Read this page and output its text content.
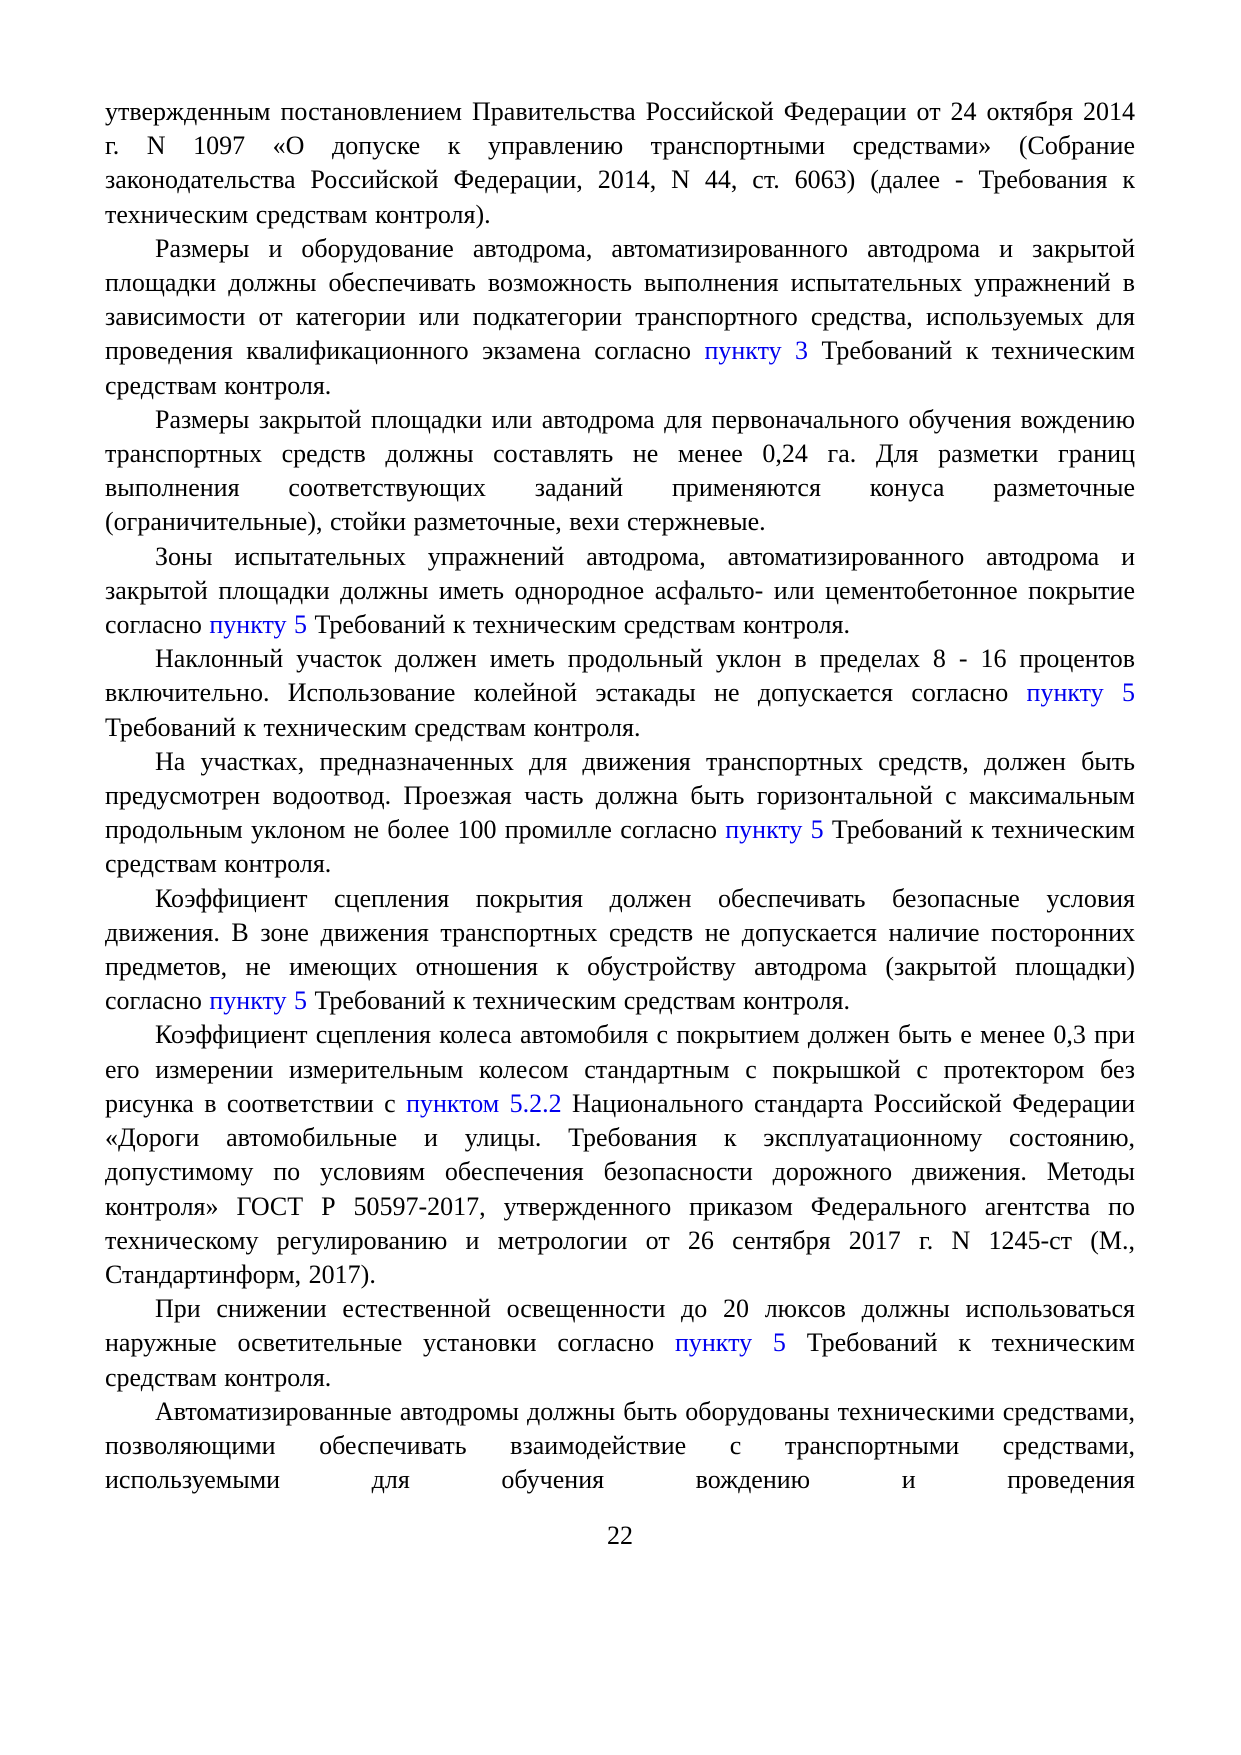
утвержденным постановлением Правительства Российской Федерации от 24 октября 2014 г. N 1097 «О допуске к управлению транспортными средствами» (Собрание законодательства Российской Федерации, 2014, N 44, ст. 6063) (далее - Требования к техническим средствам контроля).

Размеры и оборудование автодрома, автоматизированного автодрома и закрытой площадки должны обеспечивать возможность выполнения испытательных упражнений в зависимости от категории или подкатегории транспортного средства, используемых для проведения квалификационного экзамена согласно пункту 3 Требований к техническим средствам контроля.

Размеры закрытой площадки или автодрома для первоначального обучения вождению транспортных средств должны составлять не менее 0,24 га. Для разметки границ выполнения соответствующих заданий применяются конуса разметочные (ограничительные), стойки разметочные, вехи стержневые.

Зоны испытательных упражнений автодрома, автоматизированного автодрома и закрытой площадки должны иметь однородное асфальто- или цементобетонное покрытие согласно пункту 5 Требований к техническим средствам контроля.

Наклонный участок должен иметь продольный уклон в пределах 8 - 16 процентов включительно. Использование колейной эстакады не допускается согласно пункту 5 Требований к техническим средствам контроля.

На участках, предназначенных для движения транспортных средств, должен быть предусмотрен водоотвод. Проезжая часть должна быть горизонтальной с максимальным продольным уклоном не более 100 промилле согласно пункту 5 Требований к техническим средствам контроля.

Коэффициент сцепления покрытия должен обеспечивать безопасные условия движения. В зоне движения транспортных средств не допускается наличие посторонних предметов, не имеющих отношения к обустройству автодрома (закрытой площадки) согласно пункту 5 Требований к техническим средствам контроля.

Коэффициент сцепления колеса автомобиля с покрытием должен быть е менее 0,3 при его измерении измерительным колесом стандартным с покрышкой с протектором без рисунка в соответствии с пунктом 5.2.2 Национального стандарта Российской Федерации «Дороги автомобильные и улицы. Требования к эксплуатационному состоянию, допустимому по условиям обеспечения безопасности дорожного движения. Методы контроля» ГОСТ Р 50597-2017, утвержденного приказом Федерального агентства по техническому регулированию и метрологии от 26 сентября 2017 г. N 1245-ст (М., Стандартинформ, 2017).

При снижении естественной освещенности до 20 люксов должны использоваться наружные осветительные установки согласно пункту 5 Требований к техническим средствам контроля.

Автоматизированные автодромы должны быть оборудованы техническими средствами, позволяющими обеспечивать взаимодействие с транспортными средствами, используемыми для обучения вождению и проведения

22
